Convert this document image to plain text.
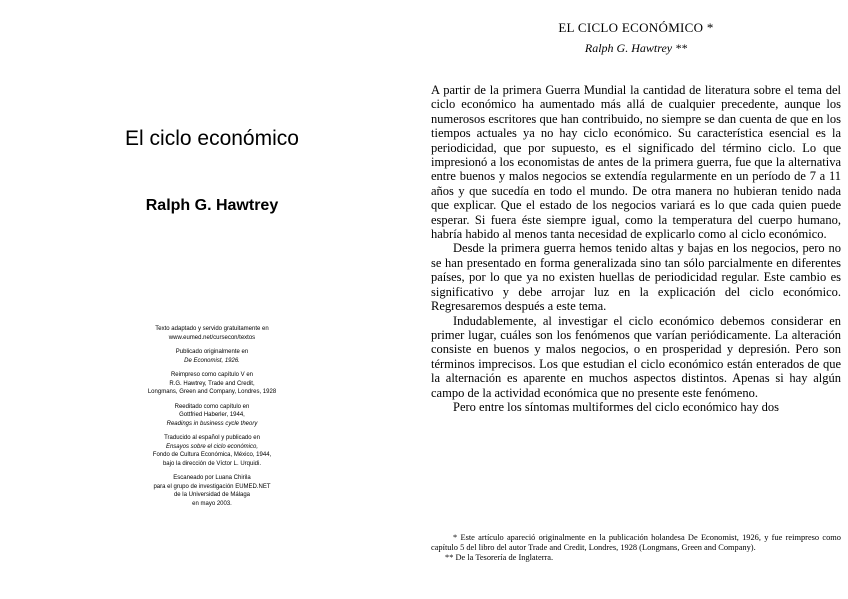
El ciclo económico
Ralph G. Hawtrey

Texto adaptado y servido gratuitamente en
www.eumed.net/cursecon/textos

Publicado originalmente en
De Economist, 1926.

Reimpreso como capítulo V en
R.G. Hawtrey, Trade and Credit,
Longmans, Green and Company, Londres, 1928

Reeditado como capítulo en
Gottfried Haberler, 1944,
Readings in business cycle theory

Traducido al español y publicado en
Ensayos sobre el ciclo económico,
Fondo de Cultura Económica, México, 1944,
bajo la dirección de Víctor L. Urquidi.

Escaneado por Luana Chirila
para el grupo de investigación EUMED.NET
de la Universidad de Málaga
en mayo 2003.

EL CICLO ECONÓMICO *
Ralph G. Hawtrey **

A partir de la primera Guerra Mundial la cantidad de literatura sobre el tema del ciclo económico ha aumentado más allá de cualquier precedente, aunque los numerosos escritores que han contribuido, no siempre se dan cuenta de que en los tiempos actuales ya no hay ciclo económico. Su característica esencial es la periodicidad, que por supuesto, es el significado del término ciclo. Lo que impresionó a los economistas de antes de la primera guerra, fue que la alternativa entre buenos y malos negocios se extendía regularmente en un período de 7 a 11 años y que sucedía en todo el mundo. De otra manera no hubieran tenido nada que explicar. Que el estado de los negocios variará es lo que cada quien puede esperar. Si fuera éste siempre igual, como la temperatura del cuerpo humano, habría habido al menos tanta necesidad de explicarlo como al ciclo económico.

Desde la primera guerra hemos tenido altas y bajas en los negocios, pero no se han presentado en forma generalizada sino tan sólo parcialmente en diferentes países, por lo que ya no existen huellas de periodicidad regular. Este cambio es significativo y debe arrojar luz en la explicación del ciclo económico. Regresaremos después a este tema.

Indudablemente, al investigar el ciclo económico debemos considerar en primer lugar, cuáles son los fenómenos que varían periódicamente. La alteración consiste en buenos y malos negocios, o en prosperidad y depresión. Pero son términos imprecisos. Los que estudian el ciclo económico están enterados de que la alternación es aparente en muchos aspectos distintos. Apenas si hay algún campo de la actividad económica que no presente este fenómeno.

Pero entre los síntomas multiformes del ciclo económico hay dos

* Este artículo apareció originalmente en la publicación holandesa De Economist, 1926, y fue reimpreso como capítulo 5 del libro del autor Trade and Credit, Londres, 1928 (Longmans, Green and Company).

** De la Tesorería de Inglaterra.
